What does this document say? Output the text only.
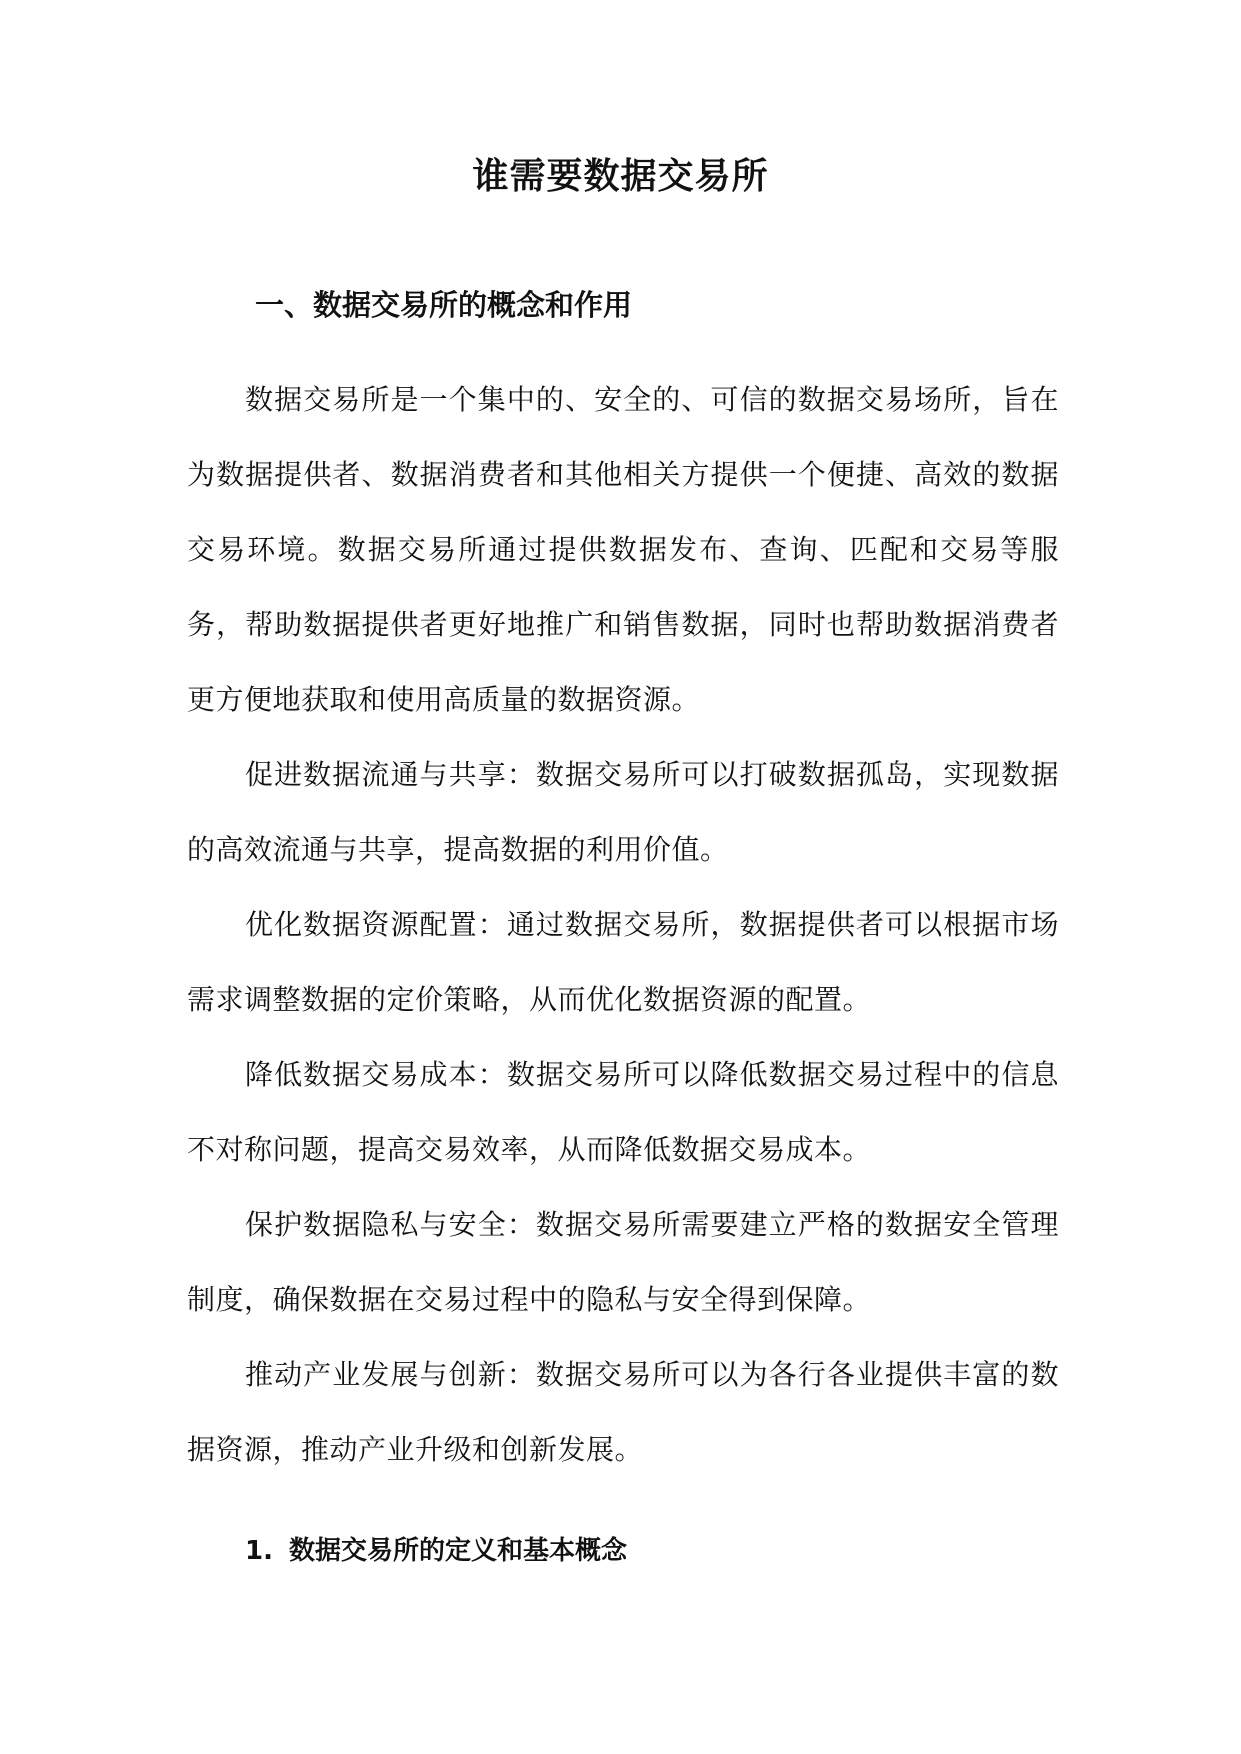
谁需要数据交易所
一、数据交易所的概念和作用

数据交易所是一个集中的、安全的、可信的数据交易场所，旨在为数据提供者、数据消费者和其他相关方提供一个便捷、高效的数据交易环境。数据交易所通过提供数据发布、查询、匹配和交易等服务，帮助数据提供者更好地推广和销售数据，同时也帮助数据消费者更方便地获取和使用高质量的数据资源。

促进数据流通与共享：数据交易所可以打破数据孤岛，实现数据的高效流通与共享，提高数据的利用价值。

优化数据资源配置：通过数据交易所，数据提供者可以根据市场需求调整数据的定价策略，从而优化数据资源的配置。

降低数据交易成本：数据交易所可以降低数据交易过程中的信息不对称问题，提高交易效率，从而降低数据交易成本。

保护数据隐私与安全：数据交易所需要建立严格的数据安全管理制度，确保数据在交易过程中的隐私与安全得到保障。

推动产业发展与创新：数据交易所可以为各行各业提供丰富的数据资源，推动产业升级和创新发展。

1. 数据交易所的定义和基本概念
